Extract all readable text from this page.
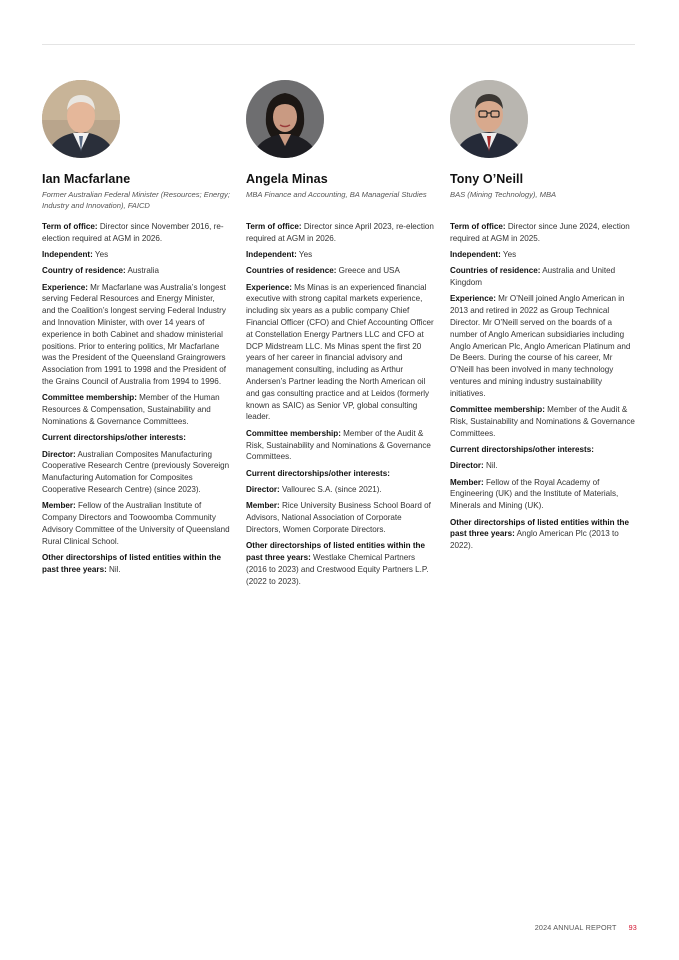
Ian Macfarlane
Former Australian Federal Minister (Resources; Energy; Industry and Innovation), FAICD

Term of office: Director since November 2016, re-election required at AGM in 2026.

Independent: Yes

Country of residence: Australia

Experience: Mr Macfarlane was Australia’s longest serving Federal Resources and Energy Minister, and the Coalition’s longest serving Federal Industry and Innovation Minister, with over 14 years of experience in both Cabinet and shadow ministerial positions. Prior to entering politics, Mr Macfarlane was the President of the Queensland Graingrowers Association from 1991 to 1998 and the President of the Grains Council of Australia from 1994 to 1996.

Committee membership: Member of the Human Resources & Compensation, Sustainability and Nominations & Governance Committees.

Current directorships/other interests:

Director: Australian Composites Manufacturing Cooperative Research Centre (previously Sovereign Manufacturing Automation for Composites Cooperative Research Centre) (since 2023).

Member: Fellow of the Australian Institute of Company Directors and Toowoomba Community Advisory Committee of the University of Queensland Rural Clinical School.

Other directorships of listed entities within the past three years: Nil.

Angela Minas
MBA Finance and Accounting, BA Managerial Studies

Term of office: Director since April 2023, re-election required at AGM in 2026.

Independent: Yes

Countries of residence: Greece and USA

Experience: Ms Minas is an experienced financial executive with strong capital markets experience, including six years as a public company Chief Financial Officer (CFO) and Chief Accounting Officer at Constellation Energy Partners LLC and CFO at DCP Midstream LLC. Ms Minas spent the first 20 years of her career in financial advisory and management consulting, including as Arthur Andersen’s Partner leading the North American oil and gas consulting practice and at Leidos (formerly known as SAIC) as Senior VP, global consulting leader.

Committee membership: Member of the Audit & Risk, Sustainability and Nominations & Governance Committees.

Current directorships/other interests:

Director: Vallourec S.A. (since 2021).

Member: Rice University Business School Board of Advisors, National Association of Corporate Directors, Women Corporate Directors.

Other directorships of listed entities within the past three years: Westlake Chemical Partners (2016 to 2023) and Crestwood Equity Partners L.P. (2022 to 2023).

Tony O’Neill
BAS (Mining Technology), MBA

Term of office: Director since June 2024, election required at AGM in 2025.

Independent: Yes

Countries of residence: Australia and United Kingdom

Experience: Mr O’Neill joined Anglo American in 2013 and retired in 2022 as Group Technical Director. Mr O’Neill served on the boards of a number of Anglo American subsidiaries including Anglo American Plc, Anglo American Platinum and De Beers. During the course of his career, Mr O’Neill has been involved in many technology ventures and mining industry sustainability initiatives.

Committee membership: Member of the Audit & Risk, Sustainability and Nominations & Governance Committees.

Current directorships/other interests:

Director: Nil.

Member: Fellow of the Royal Academy of Engineering (UK) and the Institute of Materials, Minerals and Mining (UK).

Other directorships of listed entities within the past three years: Anglo American Plc (2013 to 2022).

2024 ANNUAL REPORT 93
